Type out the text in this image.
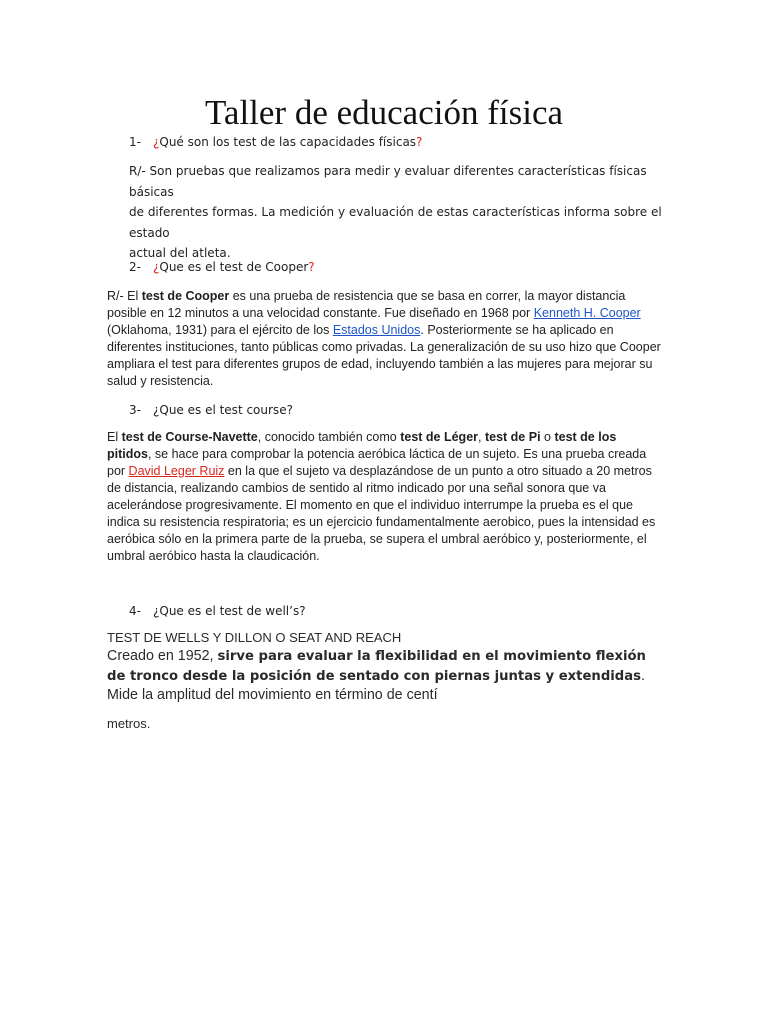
Taller de educación física
1- ¿Qué son los test de las capacidades físicas?
R/- Son pruebas que realizamos para medir y evaluar diferentes características físicas básicas
de diferentes formas. La medición y evaluación de estas características informa sobre el estado
actual del atleta.
2- ¿Que es el test de Cooper?
R/- El test de Cooper es una prueba de resistencia que se basa en correr, la mayor distancia posible en 12 minutos a una velocidad constante. Fue diseñado en 1968 por Kenneth H. Cooper (Oklahoma, 1931) para el ejército de los Estados Unidos. Posteriormente se ha aplicado en diferentes instituciones, tanto públicas como privadas. La generalización de su uso hizo que Cooper ampliara el test para diferentes grupos de edad, incluyendo también a las mujeres para mejorar su salud y resistencia.
3- ¿Que es el test course?
El test de Course-Navette, conocido también como test de Léger, test de Pi o test de los pitidos, se hace para comprobar la potencia aeróbica láctica de un sujeto. Es una prueba creada por David Leger Ruiz en la que el sujeto va desplazándose de un punto a otro situado a 20 metros de distancia, realizando cambios de sentido al ritmo indicado por una señal sonora que va acelerándose progresivamente. El momento en que el individuo interrumpe la prueba es el que indica su resistencia respiratoria; es un ejercicio fundamentalmente aerobico, pues la intensidad es aeróbica sólo en la primera parte de la prueba, se supera el umbral aeróbico y, posteriormente, el umbral aeróbico hasta la claudicación.
4- ¿Que es el test de well’s?
TEST DE WELLS Y DILLON O SEAT AND REACH
Creado en 1952, sirve para evaluar la flexibilidad en el movimiento flexión de tronco desde la posición de sentado con piernas juntas y extendidas. Mide la amplitud del movimiento en término de centí
metros.
